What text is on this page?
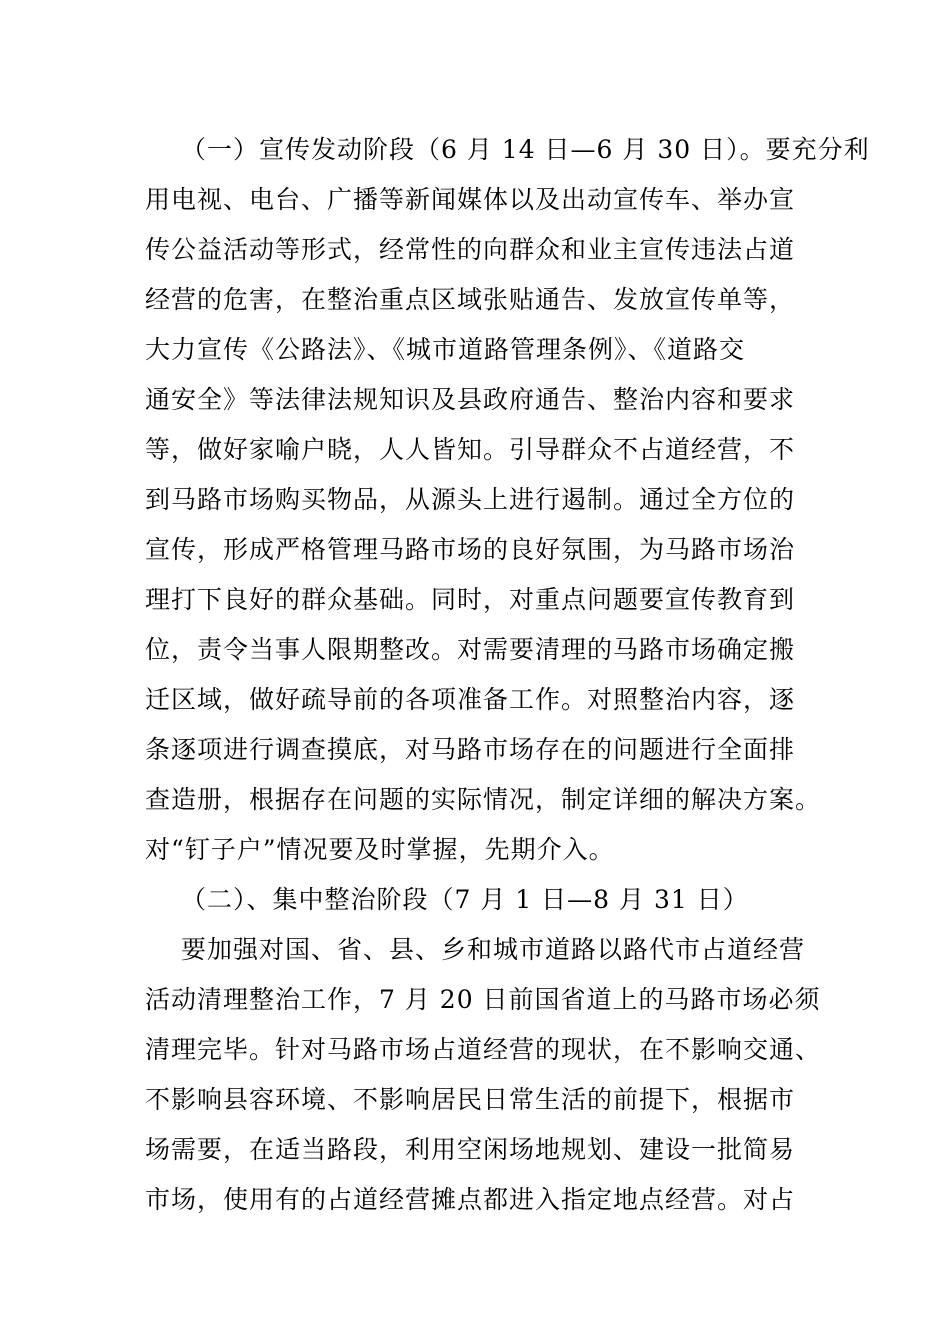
（一）宣传发动阶段（6 月 14 日—6 月 30 日）。要充分利
用电视、电台、广播等新闻媒体以及出动宣传车、举办宣
传公益活动等形式，经常性的向群众和业主宣传违法占道
经营的危害，在整治重点区域张贴通告、发放宣传单等，
大力宣传《公路法》、《城市道路管理条例》、《道路交
通安全》等法律法规知识及县政府通告、整治内容和要求
等，做好家喻户晓，人人皆知。引导群众不占道经营，不
到马路市场购买物品，从源头上进行遏制。通过全方位的
宣传，形成严格管理马路市场的良好氛围，为马路市场治
理打下良好的群众基础。同时，对重点问题要宣传教育到
位，责令当事人限期整改。对需要清理的马路市场确定搬
迁区域，做好疏导前的各项准备工作。对照整治内容，逐
条逐项进行调查摸底，对马路市场存在的问题进行全面排
查造册，根据存在问题的实际情况，制定详细的解决方案。
对“钉子户”情况要及时掌握，先期介入。
（二）、集中整治阶段（7 月 1 日—8 月 31 日）
要加强对国、省、县、乡和城市道路以路代市占道经营
活动清理整治工作，7 月 20 日前国省道上的马路市场必须
清理完毕。针对马路市场占道经营的现状，在不影响交通、
不影响县容环境、不影响居民日常生活的前提下，根据市
场需要，在适当路段，利用空闲场地规划、建设一批简易
市场，使用有的占道经营摊点都进入指定地点经营。对占
